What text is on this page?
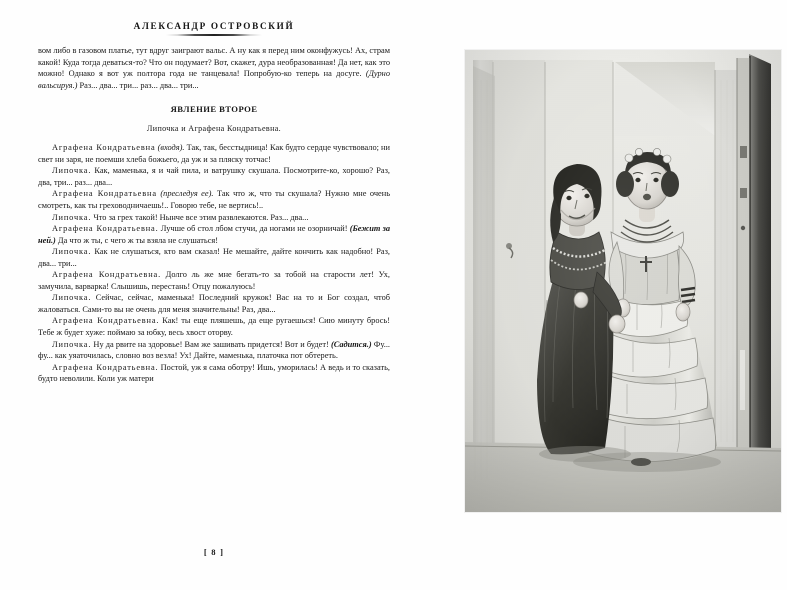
АЛЕКСАНДР ОСТРОВСКИЙ

вом либо в газовом платье, тут вдруг заиграют вальс. А ну как я перед ним оконфужусь! Ах, страм какой! Куда тогда деваться-то? Что он подумает? Вот, скажет, дура необразованная! Да нет, как это можно! Однако я вот уж полтора года не танцевала! Попробую-ко теперь на досуге. (Дурно вальсируя.) Раз... два... три... раз... два... три...

ЯВЛЕНИЕ ВТОРОЕ

Липочка и Аграфена Кондратьевна.

Аграфена Кондратьевна (входя). Так, так, бесстыдница! Как будто сердце чувствовало; ни свет ни заря, не поемши хлеба божьего, да уж и за пляску тотчас!

Липочка. Как, маменька, я и чай пила, и ватрушку скушала. Посмотрите-ко, хорошо? Раз, два, три... раз... два...

Аграфена Кондратьевна (преследуя ее). Так что ж, что ты скушала? Нужно мне очень смотреть, как ты греховодничаешь!.. Говорю тебе, не вертись!..

Липочка. Что за грех такой! Нынче все этим развлекаются. Раз... два...

Аграфена Кондратьевна. Лучше об стол лбом стучи, да ногами не озорничай! (Бежит за ней.) Да что ж ты, с чего ж ты взяла не слушаться!

Липочка. Как не слушаться, кто вам сказал! Не мешайте, дайте кончить как надобно! Раз, два... три...

Аграфена Кондратьевна. Долго ль же мне бегать-то за тобой на старости лет! Ух, замучила, варварка! Слышишь, перестань! Отцу пожалуюсь!

Липочка. Сейчас, сейчас, маменька! Последний кружок! Вас на то и Бог создал, чтоб жаловаться. Сами-то вы не очень для меня значительны! Раз, два...

Аграфена Кондратьевна. Как! ты еще пляшешь, да еще ругаешься! Сию минуту брось! Тебе ж будет хуже: поймаю за юбку, весь хвост оторву.

Липочка. Ну да рвите на здоровье! Вам же зашивать придется! Вот и будет! (Садится.) Фу... фу... как уяаточилась, словно воз везла! Ух! Дайте, маменька, платочка пот обтереть.

Аграфена Кондратьевна. Постой, уж я сама оботру! Ишь, уморилась! А ведь и то сказать, будто неволили. Коли уж матери

[ 8 ]
